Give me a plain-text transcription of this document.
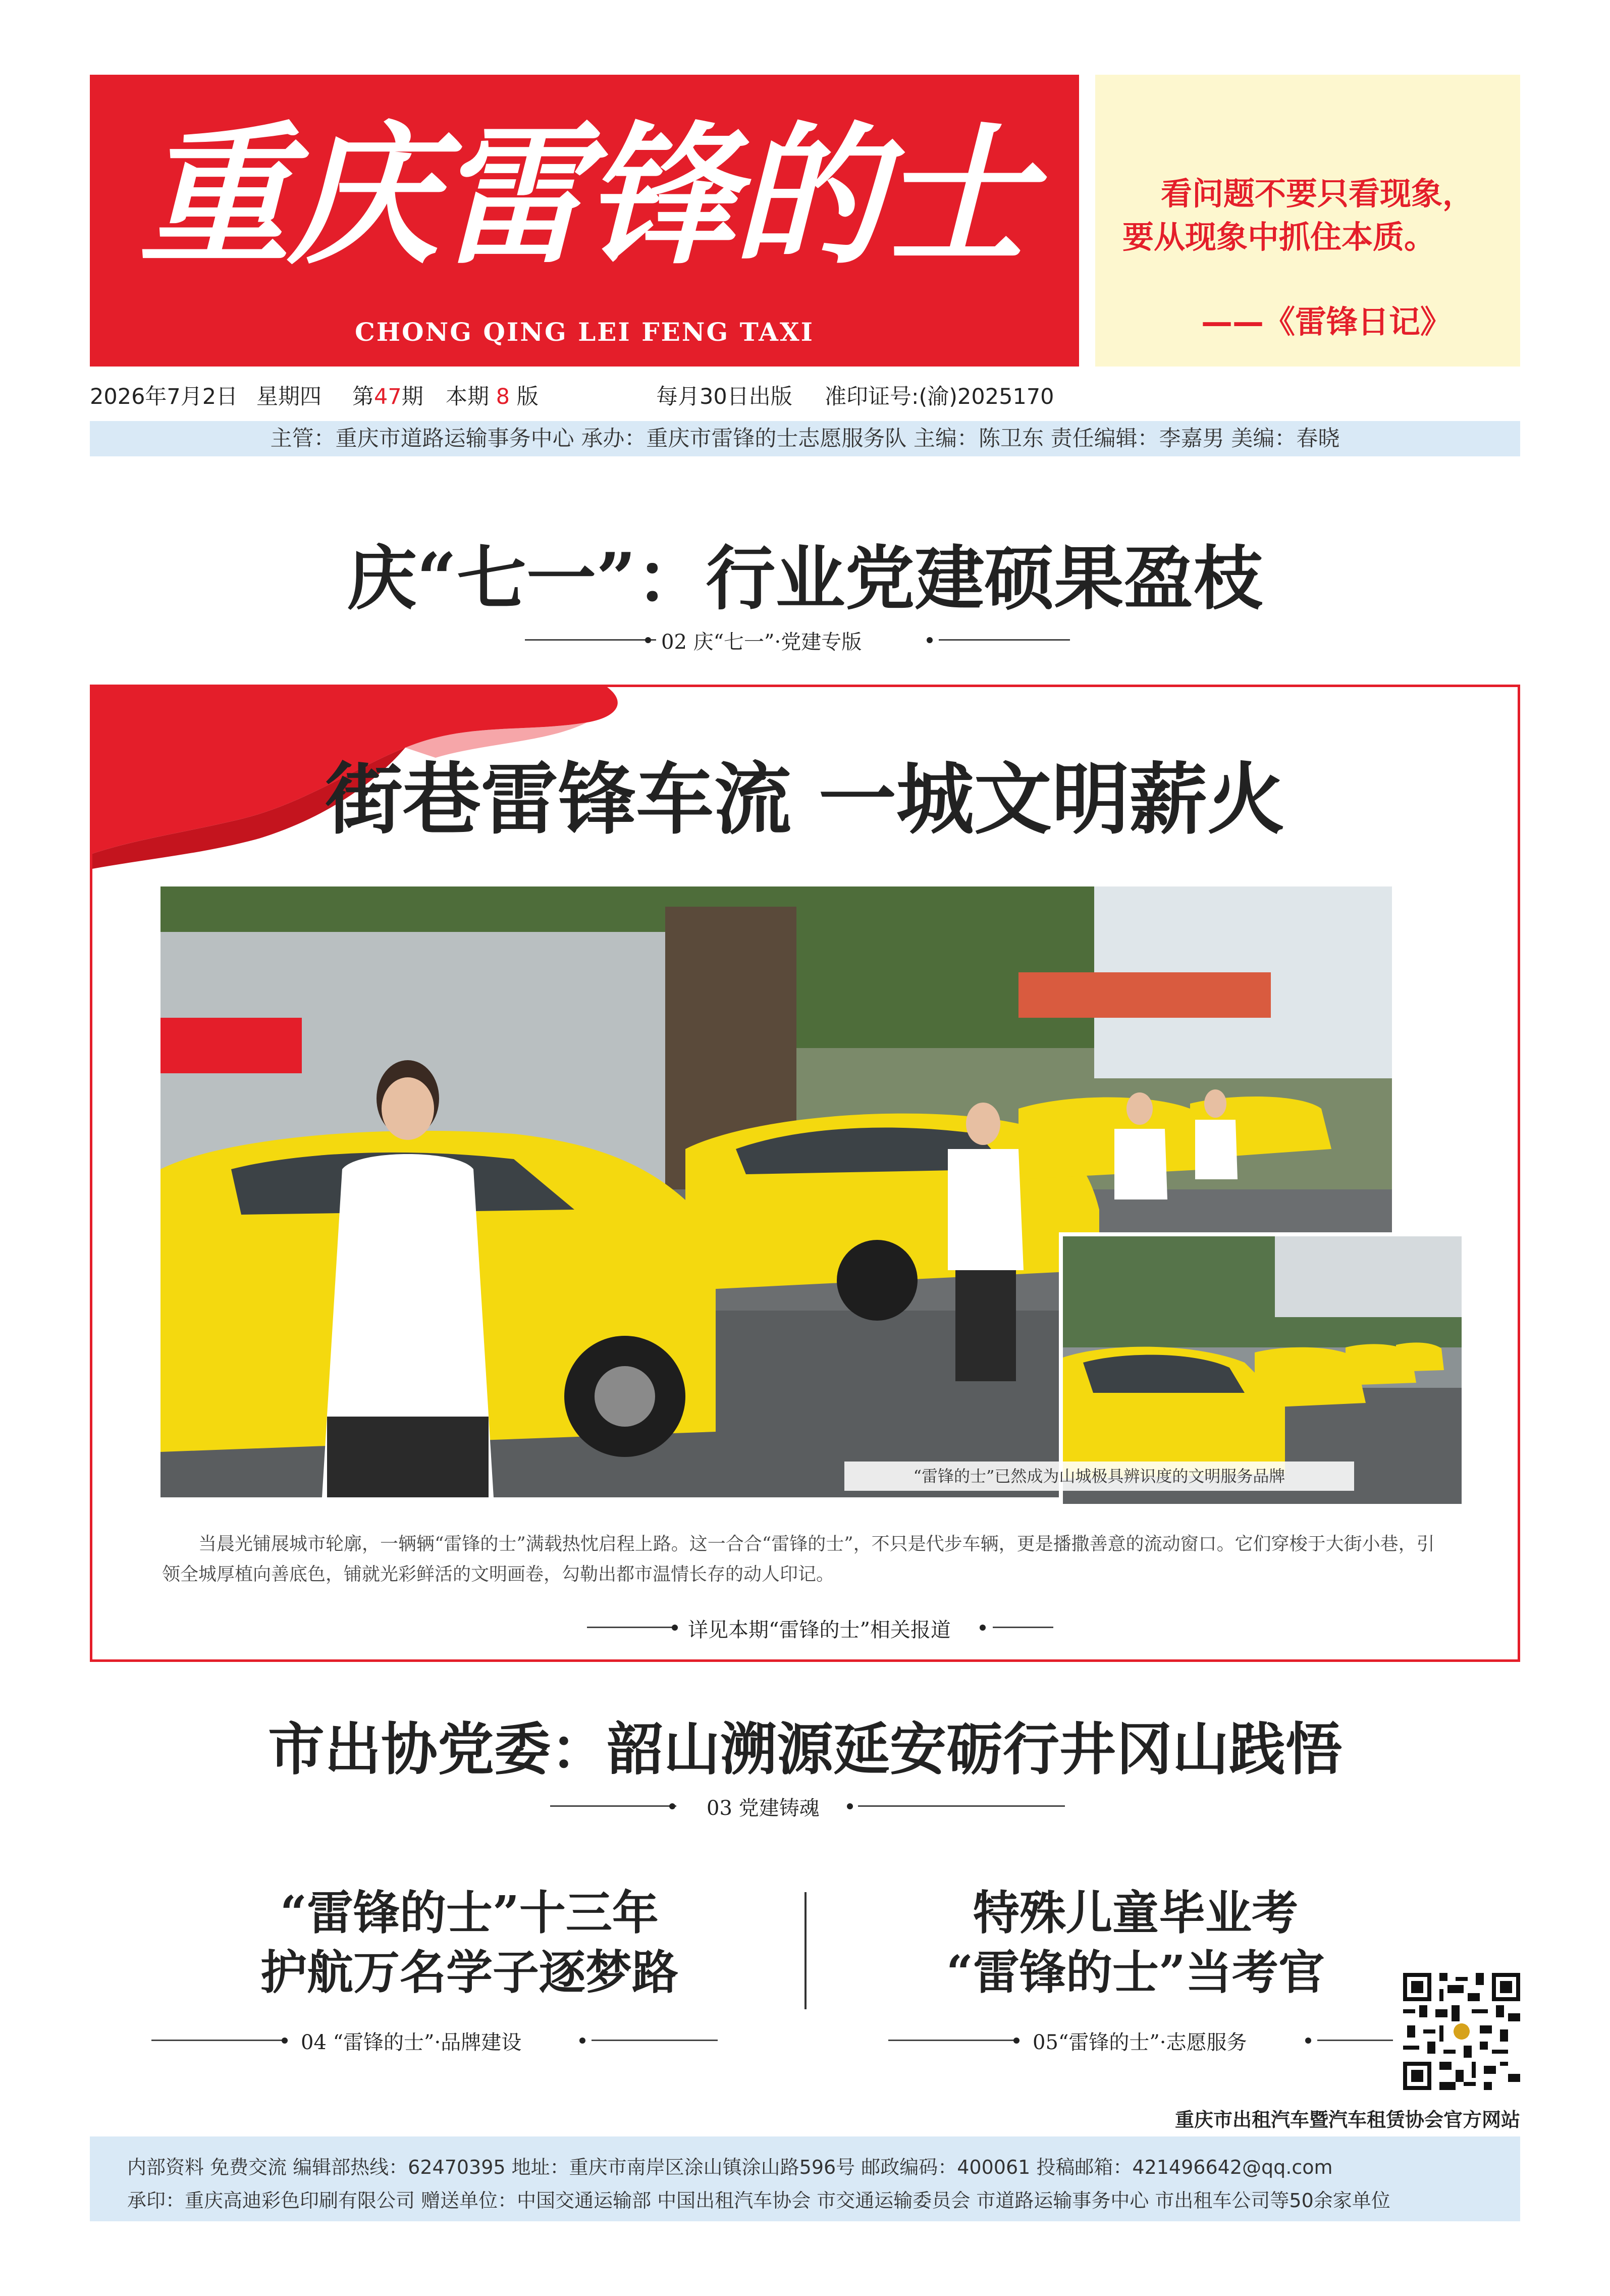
重庆雷锋的士
CHONG QING LEI FENG TAXI
看问题不要只看现象，
要从现象中抓住本质。
——《雷锋日记》
2026年7月2日 星期四 第47期 本期 8 版	每月30日出版 准印证号:(渝)2025170
主管：重庆市道路运输事务中心 承办：重庆市雷锋的士志愿服务队 主编：陈卫东 责任编辑：李嘉男 美编：春晓
庆“七一”：行业党建硕果盈枝
02 庆“七一”·党建专版
街巷雷锋车流 一城文明薪火
“雷锋的士”已然成为山城极具辨识度的文明服务品牌
当晨光铺展城市轮廓，一辆辆“雷锋的士”满载热忱启程上路。这一合合“雷锋的士”，不只是代步车辆，更是播撒善意的流动窗口。它们穿梭于大街小巷，引领全城厚植向善底色，铺就光彩鲜活的文明画卷，勾勒出都市温情长存的动人印记。
详见本期“雷锋的士”相关报道
市出协党委：韶山溯源延安砺行井冈山践悟
03 党建铸魂
“雷锋的士”十三年
护航万名学子逐梦路
特殊儿童毕业考
“雷锋的士”当考官
04 “雷锋的士”·品牌建设	05“雷锋的士”·志愿服务
重庆市出租汽车暨汽车租赁协会官方网站
内部资料 免费交流 编辑部热线：62470395 地址：重庆市南岸区涂山镇涂山路596号 邮政编码：400061 投稿邮箱：421496642@qq.com
承印：重庆高迪彩色印刷有限公司 赠送单位：中国交通运输部 中国出租汽车协会 市交通运输委员会 市道路运输事务中心 市出租车公司等50余家单位
